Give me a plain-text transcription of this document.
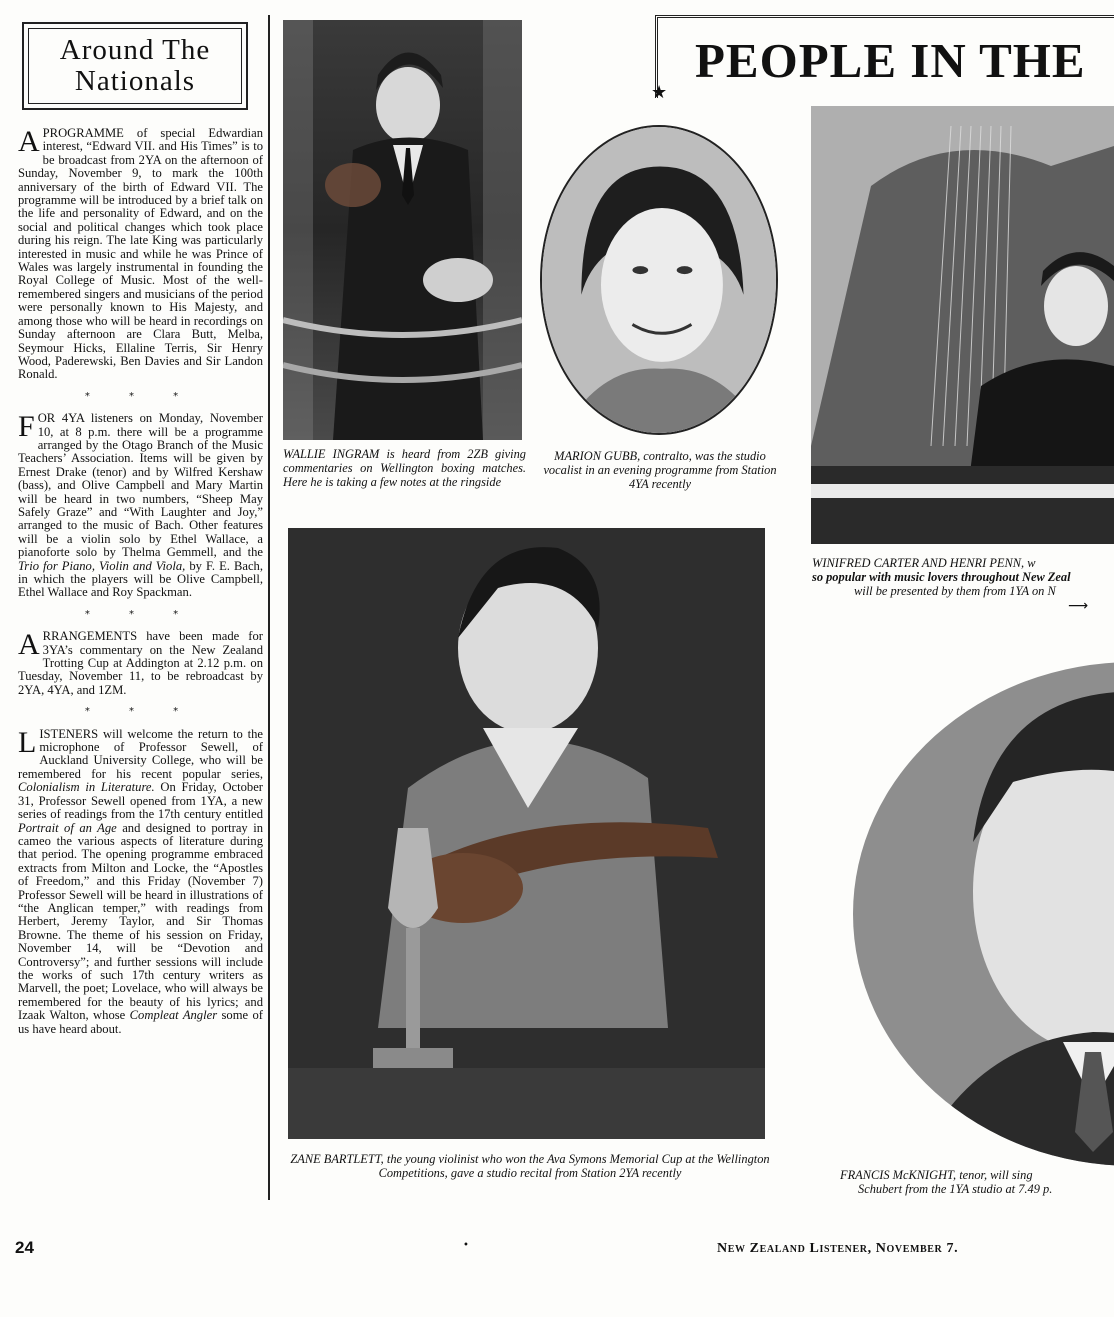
Around The
Nationals

APROGRAMME of special Edwardian interest, “Edward VII. and His Times” is to be broadcast from 2YA on the afternoon of Sunday, November 9, to mark the 100th anniversary of the birth of Edward VII. The programme will be introduced by a brief talk on the life and personality of Edward, and on the social and political changes which took place during his reign. The late King was particularly interested in music and while he was Prince of Wales was largely instrumental in founding the Royal College of Music. Most of the well-remembered singers and musicians of the period were personally known to His Majesty, and among those who will be heard in recordings on Sunday afternoon are Clara Butt, Melba, Seymour Hicks, Ellaline Terris, Sir Henry Wood, Paderewski, Ben Davies and Sir Landon Ronald.

* * *

FOR 4YA listeners on Monday, November 10, at 8 p.m. there will be a programme arranged by the Otago Branch of the Music Teachers’ Association. Items will be given by Ernest Drake (tenor) and by Wilfred Kershaw (bass), and Olive Campbell and Mary Martin will be heard in two numbers, “Sheep May Safely Graze” and “With Laughter and Joy,” arranged to the music of Bach. Other features will be a violin solo by Ethel Wallace, a pianoforte solo by Thelma Gemmell, and the Trio for Piano, Violin and Viola, by F. E. Bach, in which the players will be Olive Campbell, Ethel Wallace and Roy Spackman.

* * *

ARRANGEMENTS have been made for 3YA’s commentary on the New Zealand Trotting Cup at Addington at 2.12 p.m. on Tuesday, November 11, to be rebroadcast by 2YA, 4YA, and 1ZM.

* * *

LISTENERS will welcome the return to the microphone of Professor Sewell, of Auckland University College, who will be remembered for his recent popular series, Colonialism in Literature. On Friday, October 31, Professor Sewell opened from 1YA, a new series of readings from the 17th century entitled Portrait of an Age and designed to portray in cameo the various aspects of literature during that period. The opening programme embraced extracts from Milton and Locke, the “Apostles of Freedom,” and this Friday (November 7) Professor Sewell will be heard in illustrations of “the Anglican temper,” with readings from Herbert, Jeremy Taylor, and Sir Thomas Browne. The theme of his session on Friday, November 14, will be “Devotion and Controversy”; and further sessions will include the works of such 17th century writers as Marvell, the poet; Lovelace, who will always be remembered for the beauty of his lyrics; and Izaak Walton, whose Compleat Angler some of us have heard about.

WALLIE INGRAM is heard from 2ZB giving commentaries on Wellington boxing matches. Here he is taking a few notes at the ringside
MARION GUBB, contralto, was the studio vocalist in an evening programme from Station 4YA recently
PEOPLE IN THE
★
WINIFRED CARTER AND HENRI PENN, w
so popular with music lovers throughout New Zeal
will be presented by them from 1YA on N
⟶
ZANE BARTLETT, the young violinist who won the Ava Symons Memorial Cup at the Wellington Competitions, gave a studio recital from Station 2YA recently	FRANCIS McKNIGHT, tenor, will sing
Schubert from the 1YA studio at 7.49 p.
24	•	New Zealand Listener, November 7.
